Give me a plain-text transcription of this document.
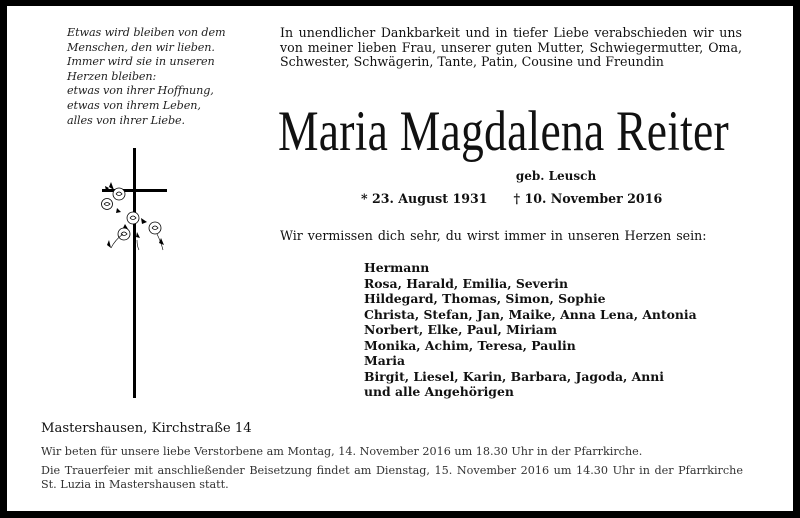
Etwas wird bleiben von dem
Menschen, den wir lieben.
Immer wird sie in unseren
Herzen bleiben:
etwas von ihrer Hoffnung,
etwas von ihrem Leben,
alles von ihrer Liebe.
In unendlicher Dankbarkeit und in tiefer Liebe verabschieden wir uns von meiner lieben Frau, unserer guten Mutter, Schwiegermutter, Oma, Schwester, Schwägerin, Tante, Patin, Cousine und Freundin
Maria Magdalena Reiter
geb. Leusch
* 23. August 1931 † 10. November 2016
Wir vermissen dich sehr, du wirst immer in unseren Herzen sein:
Hermann
Rosa, Harald, Emilia, Severin
Hildegard, Thomas, Simon, Sophie
Christa, Stefan, Jan, Maike, Anna Lena, Antonia
Norbert, Elke, Paul, Miriam
Monika, Achim, Teresa, Paulin
Maria
Birgit, Liesel, Karin, Barbara, Jagoda, Anni
und alle Angehörigen
Mastershausen, Kirchstraße 14
Wir beten für unsere liebe Verstorbene am Montag, 14. November 2016 um 18.30 Uhr in der Pfarrkirche.
Die Trauerfeier mit anschließender Beisetzung findet am Dienstag, 15. November 2016 um 14.30 Uhr in der Pfarrkirche St. Luzia in Mastershausen statt.
